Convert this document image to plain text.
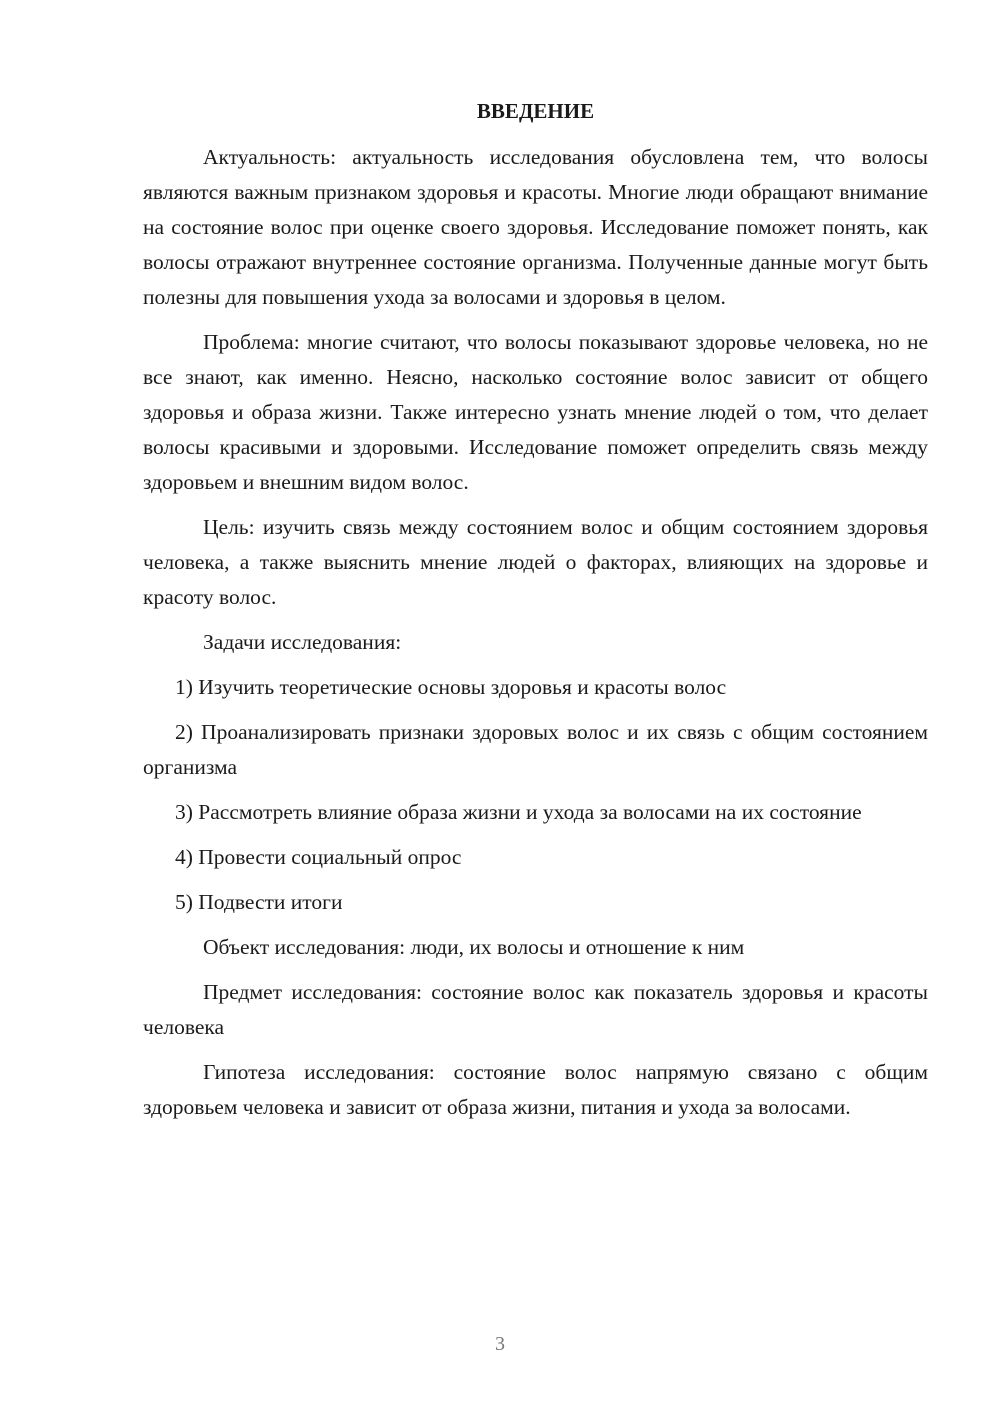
ВВЕДЕНИЕ

Актуальность: актуальность исследования обусловлена тем, что волосы являются важным признаком здоровья и красоты. Многие люди обращают внимание на состояние волос при оценке своего здоровья. Исследование поможет понять, как волосы отражают внутреннее состояние организма. Полученные данные могут быть полезны для повышения ухода за волосами и здоровья в целом.

Проблема: многие считают, что волосы показывают здоровье человека, но не все знают, как именно. Неясно, насколько состояние волос зависит от общего здоровья и образа жизни. Также интересно узнать мнение людей о том, что делает волосы красивыми и здоровыми. Исследование поможет определить связь между здоровьем и внешним видом волос.

Цель: изучить связь между состоянием волос и общим состоянием здоровья человека, а также выяснить мнение людей о факторах, влияющих на здоровье и красоту волос.

Задачи исследования:

1) Изучить теоретические основы здоровья и красоты волос

2) Проанализировать признаки здоровых волос и их связь с общим состоянием организма

3) Рассмотреть влияние образа жизни и ухода за волосами на их состояние

4) Провести социальный опрос

5) Подвести итоги

Объект исследования: люди, их волосы и отношение к ним

Предмет исследования: состояние волос как показатель здоровья и красоты человека

Гипотеза исследования: состояние волос напрямую связано с общим здоровьем человека и зависит от образа жизни, питания и ухода за волосами.

3
